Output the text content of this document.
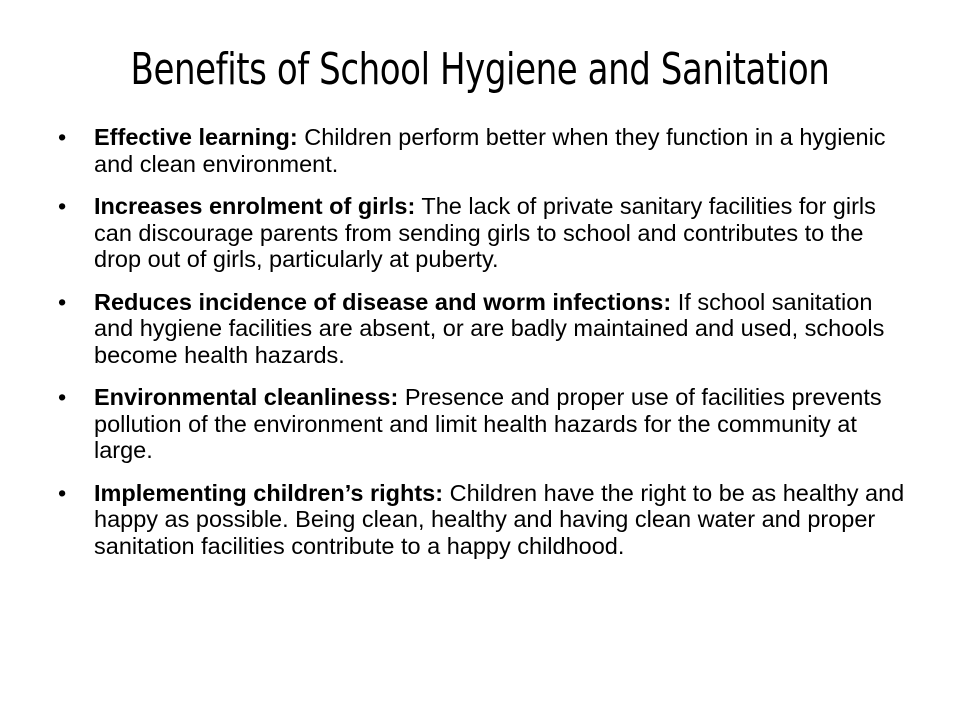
Benefits of School Hygiene and Sanitation
• Effective learning: Children perform better when they function in a hygienic and clean environment.
• Increases enrolment of girls: The lack of private sanitary facilities for girls can discourage parents from sending girls to school and contributes to the drop out of girls, particularly at puberty.
• Reduces incidence of disease and worm infections: If school sanitation and hygiene facilities are absent, or are badly maintained and used, schools become health hazards.
• Environmental cleanliness: Presence and proper use of facilities prevents pollution of the environment and limit health hazards for the community at large.
• Implementing children’s rights: Children have the right to be as healthy and happy as possible. Being clean, healthy and having clean water and proper sanitation facilities contribute to a happy childhood.
